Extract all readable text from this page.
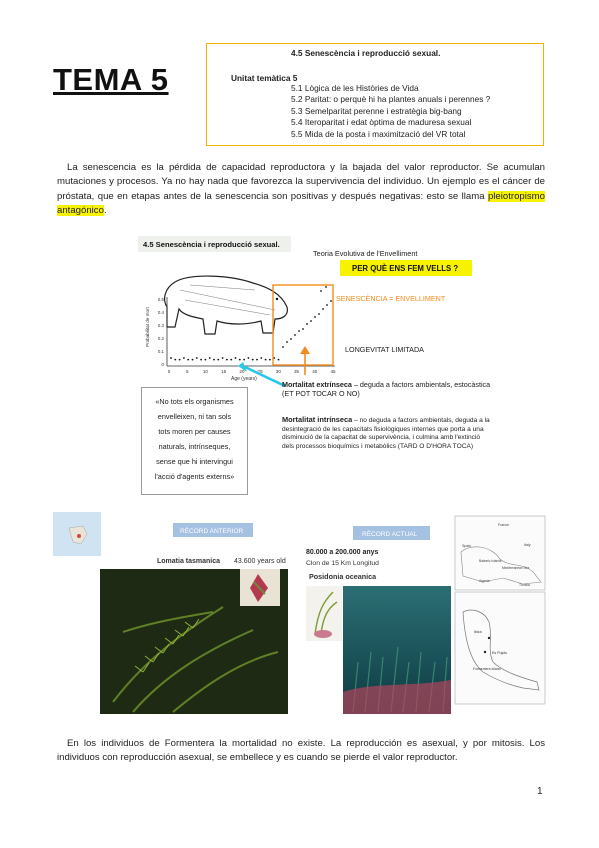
TEMA 5
4.5 Senescència i reproducció sexual.
Unitat temàtica 5
5.1 Lògica de les Històries de Vida
5.2 Paritat: o perquè hi ha plantes anuals i perennes ?
5.3 Semelparitat perenne i estratègia big-bang
5.4 Iteroparitat i edat òptima de maduresa sexual
5.5 Mida de la posta i maximització del VR total

La senescencia es la pérdida de capacidad reproductora y la bajada del valor reproductor. Se acumulan mutaciones y procesos. Ya no hay nada que favorezca la supervivencia del individuo. Un ejemplo es el cáncer de próstata, que en etapas antes de la senescencia son positivas y después negativas: esto se llama pleiotropismo antagónico.

4.5 Senescència i reproducció sexual.
Teoria Evolutiva de l'Envelliment
PER QUÈ ENS FEM VELLS ?
Probabilitat de mort
Age (years)
0	5	10	15	20	25	30	35	40	45
0.5
0.4
0.3
0.2
0.1
0
SENESCÈNCIA = ENVELLIMENT
LONGEVITAT LIMITADA
Mortalitat extrínseca – deguda a factors ambientals, estocàstica (ET POT TOCAR O NO)
Mortalitat intrínseca – no deguda a factors ambientals, deguda a la desintegració de les capacitats fisiològiques internes que porta a una disminució de la capacitat de supervivència, i culmina amb l'extinció dels processos bioquímics i metabòlics (TARD O D'HORA TOCA)
«No tots els organismes
envelleixen, ni tan sols
tots moren per causes
naturals, intrínseques,
sense que hi intervingui
l'acció d'agents externs»
RÈCORD ANTERIOR
Lomatia tasmanica 43.600 years old
RÈCORD ACTUAL
80.000 a 200.000 anys
Clon de 15 Km Longitud
Posidonia oceanica
France
Spain	Italy
Balearic Islands
Mediterranean Sea
Algeria
Tunisia
Ibiza
Es Pujols
Formentera Island

En los individuos de Formentera la mortalidad no existe. La reproducción es asexual, y por mitosis. Los individuos con reproducción asexual, se embellece y es cuando se pierde el valor reproductor.

1
